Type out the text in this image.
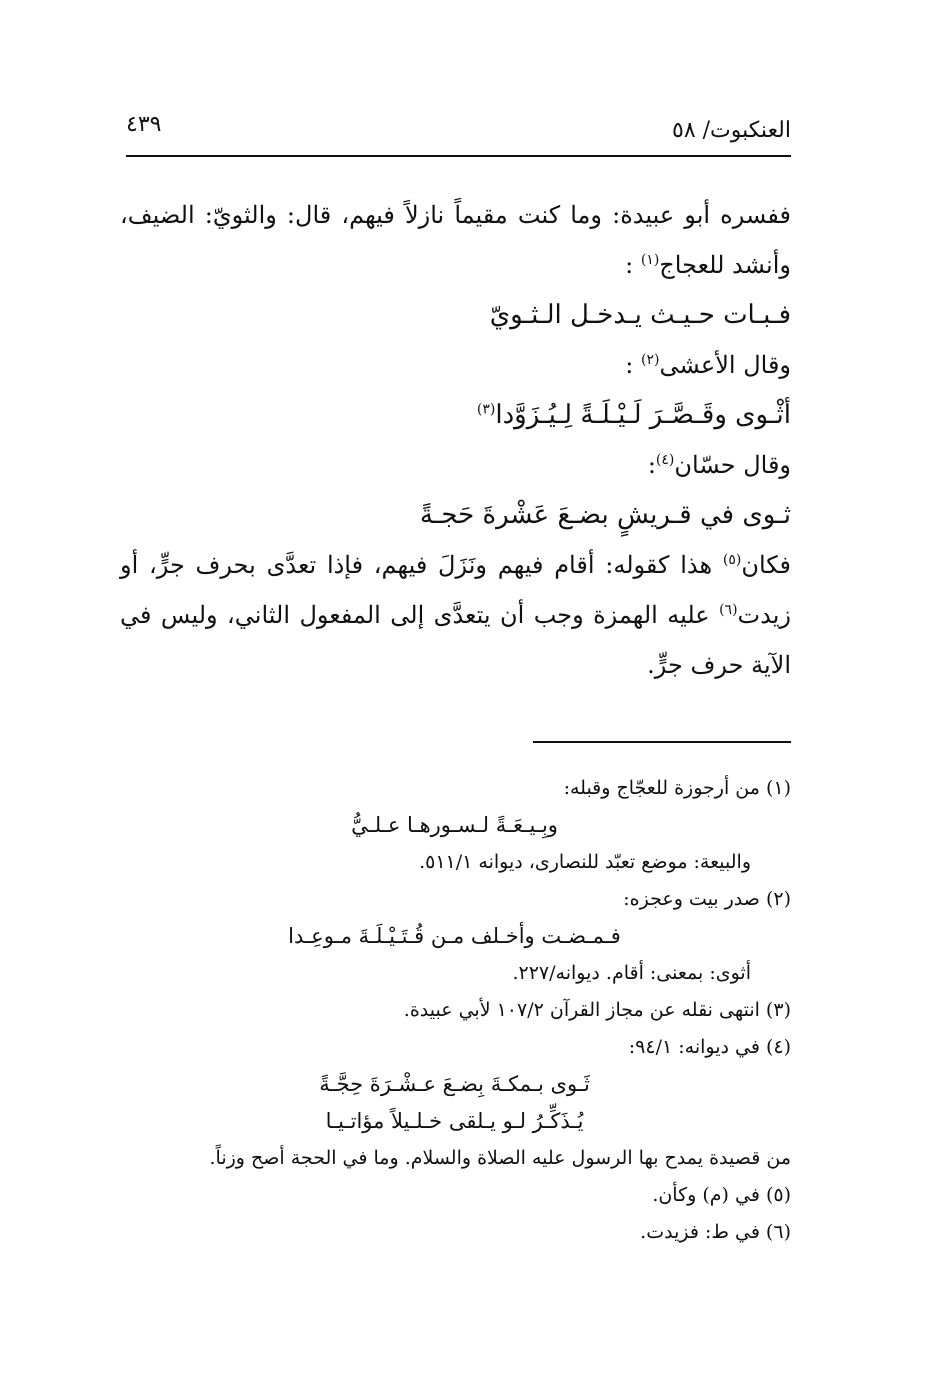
العنكبوت/ ٥٨
٤٣٩

ففسره أبو عبيدة: وما كنت مقيماً نازلاً فيهم، قال: والثويّ: الضيف، وأنشد للعجاج$^{(١)}$ :

فـبـات حـيـث يـدخـل الـثـويّ

وقال الأعشى$^{(٢)}$ :

أثْـوى وقَـصَّـرَ لَـيْـلَـةً لِـيُـزَوَّدا$^{(٣)}$

وقال حسّان$^{(٤)}$:

ثـوى في قـريشٍ بضـعَ عَشْرةَ حَجـةً

فكان$^{(٥)}$ هذا كقوله: أقام فيهم ونَزَلَ فيهم، فإذا تعدَّى بحرف جرٍّ، أو زيدت$^{(٦)}$ عليه الهمزة وجب أن يتعدَّى إلى المفعول الثاني، وليس في الآية حرف جرٍّ.

(١) من أرجوزة للعجّاج وقبله:

وبِـيـعَـةً لـسـورهـا عـلـيُّ

والبيعة: موضع تعبّد للنصارى، ديوانه ٥١١/١.

(٢) صدر بيت وعجزه:

فـمـضـت وأخـلف مـن قُـتَـيْـلَـةَ مـوعِـدا

أثوى: بمعنى: أقام. ديوانه/٢٢٧.

(٣) انتهى نقله عن مجاز القرآن ١٠٧/٢ لأبي عبيدة.

(٤) في ديوانه: ٩٤/١:

ثَـوى بـمكـةَ بِضـعَ عـشْـرَةَ حِجَّـةً

يُـذَكِّـرُ لـو يـلقى خـلـيلاً مؤاتـيـا

من قصيدة يمدح بها الرسول عليه الصلاة والسلام. وما في الحجة أصح وزناً.

(٥) في (م) وكأن.

(٦) في ط: فزيدت.
